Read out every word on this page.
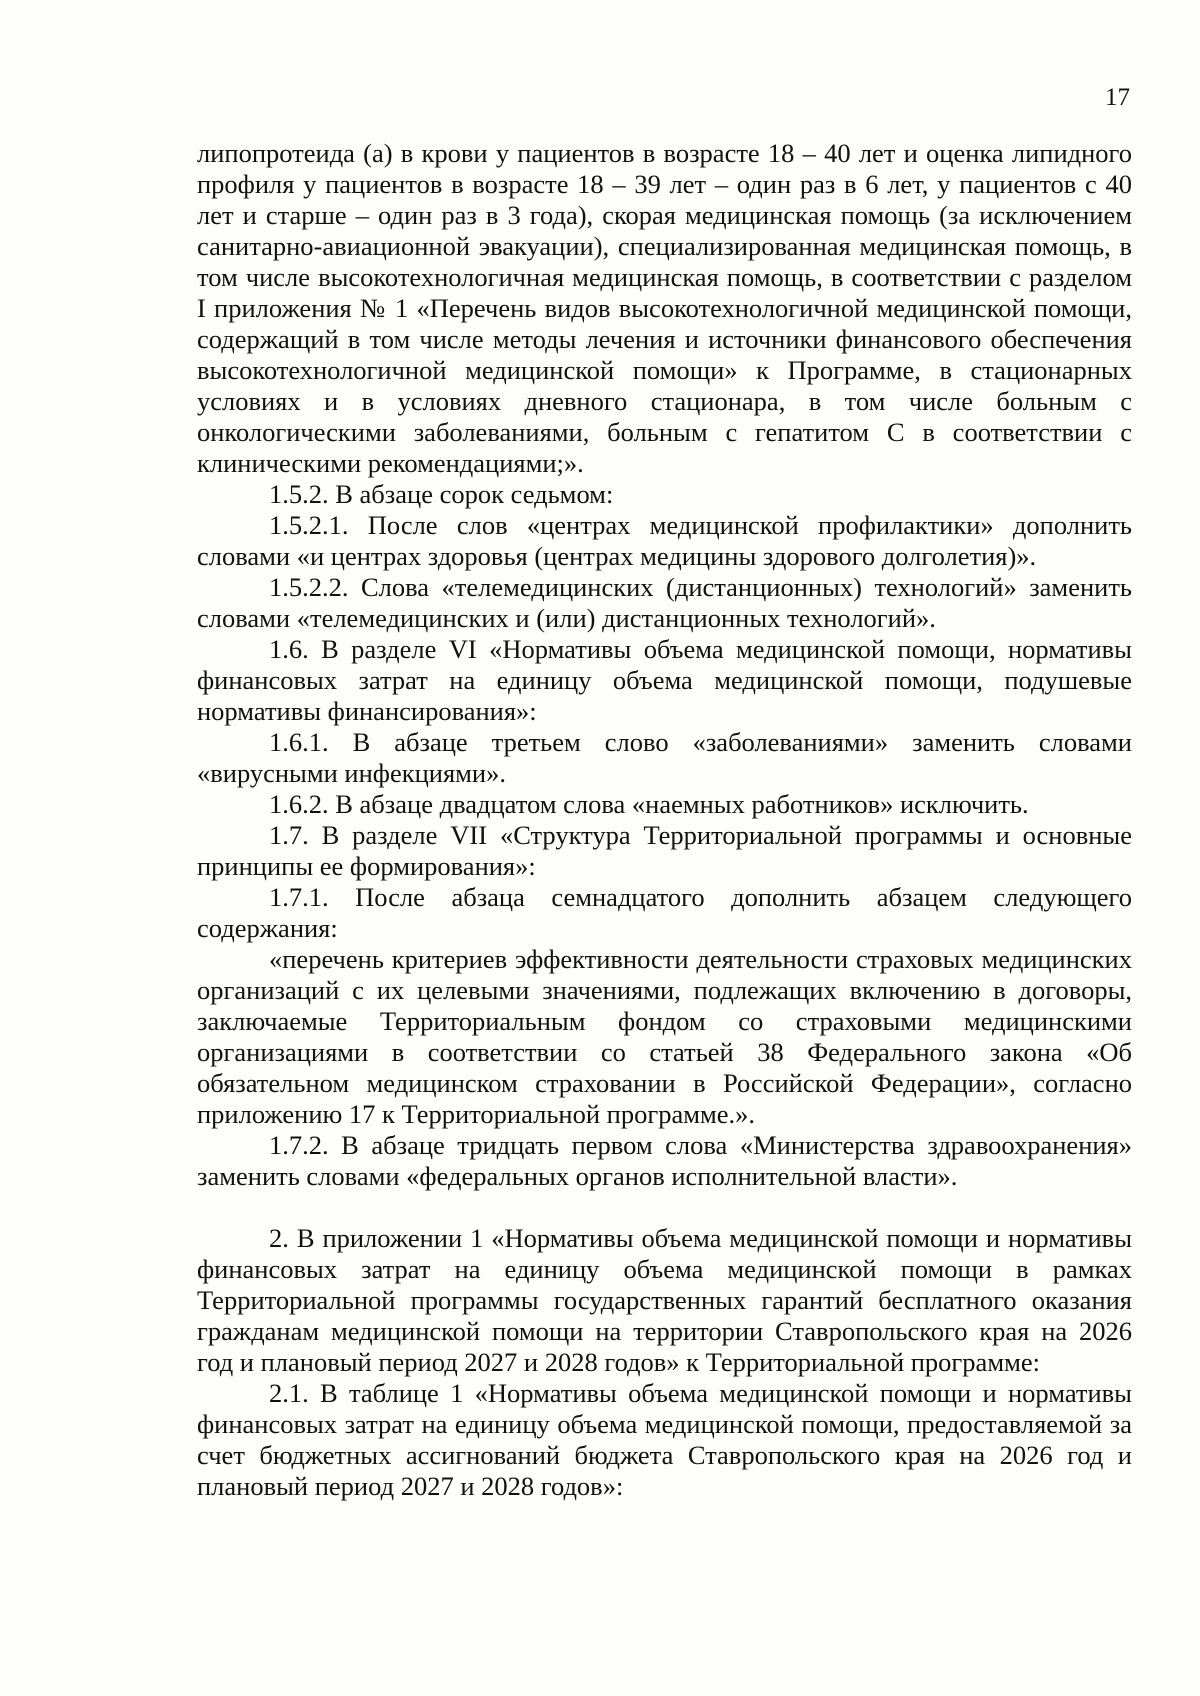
17

липопротеида (а) в крови у пациентов в возрасте 18 – 40 лет и оценка липидного профиля у пациентов в возрасте 18 – 39 лет – один раз в 6 лет, у пациентов с 40 лет и старше – один раз в 3 года), скорая медицинская помощь (за исключением санитарно-авиационной эвакуации), специализированная медицинская помощь, в том числе высокотехнологичная медицинская помощь, в соответствии с разделом I приложения № 1 «Перечень видов высокотехнологичной медицинской помощи, содержащий в том числе методы лечения и источники финансового обеспечения высокотехнологичной медицинской помощи» к Программе, в стационарных условиях и в условиях дневного стационара, в том числе больным с онкологическими заболеваниями, больным с гепатитом С в соответствии с клиническими рекомендациями;».

1.5.2. В абзаце сорок седьмом:

1.5.2.1. После слов «центрах медицинской профилактики» дополнить словами «и центрах здоровья (центрах медицины здорового долголетия)».

1.5.2.2. Слова «телемедицинских (дистанционных) технологий» заменить словами «телемедицинских и (или) дистанционных технологий».

1.6. В разделе VI «Нормативы объема медицинской помощи, нормативы финансовых затрат на единицу объема медицинской помощи, подушевые нормативы финансирования»:

1.6.1. В абзаце третьем слово «заболеваниями» заменить словами «вирусными инфекциями».

1.6.2. В абзаце двадцатом слова «наемных работников» исключить.

1.7. В разделе VII «Структура Территориальной программы и основные принципы ее формирования»:

1.7.1. После абзаца семнадцатого дополнить абзацем следующего содержания:

«перечень критериев эффективности деятельности страховых медицинских организаций с их целевыми значениями, подлежащих включению в договоры, заключаемые Территориальным фондом со страховыми медицинскими организациями в соответствии со статьей 38 Федерального закона «Об обязательном медицинском страховании в Российской Федерации», согласно приложению 17 к Территориальной программе.».

1.7.2. В абзаце тридцать первом слова «Министерства здравоохранения» заменить словами «федеральных органов исполнительной власти».

2. В приложении 1 «Нормативы объема медицинской помощи и нормативы финансовых затрат на единицу объема медицинской помощи в рамках Территориальной программы государственных гарантий бесплатного оказания гражданам медицинской помощи на территории Ставропольского края на 2026 год и плановый период 2027 и 2028 годов» к Территориальной программе:

2.1. В таблице 1 «Нормативы объема медицинской помощи и нормативы финансовых затрат на единицу объема медицинской помощи, предоставляемой за счет бюджетных ассигнований бюджета Ставропольского края на 2026 год и плановый период 2027 и 2028 годов»:
